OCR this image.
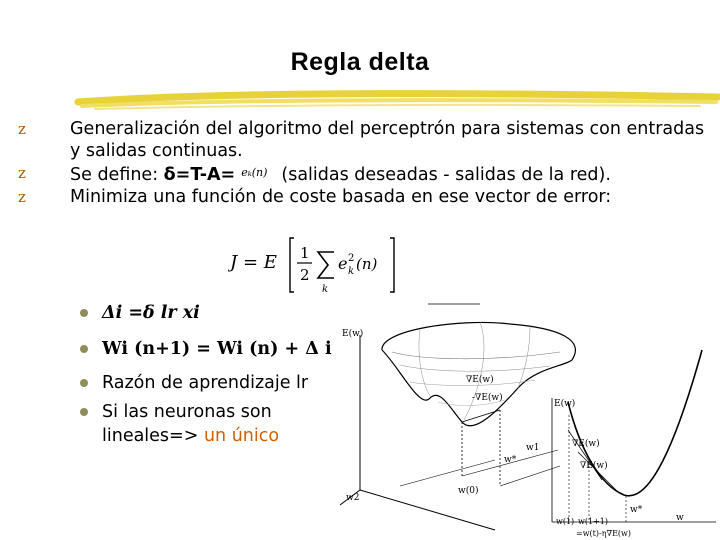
Regla delta
z	Generalización del algoritmo del perceptrón para sistemas con entradas y salidas continuas.
z	Se define: δ=T-A= $^{e_k(n)}$ (salidas deseadas - salidas de la red).
z	Minimiza una función de coste basada en ese vector de error:
J = E 1
2
k
e 2
k (n)
Δi =δ lr xi
Wi (n+1) = Wi (n) + Δ i
Razón de aprendizaje lr
Si las neuronas son
lineales=> un único
E(w)
∇E(w)
-∇E(w)
w1
w*
w(0)
w2
E(w)
∇E(w)
∇E(w)
w*
w
w(1) w(1+1)
=w(t)-η∇E(w)
